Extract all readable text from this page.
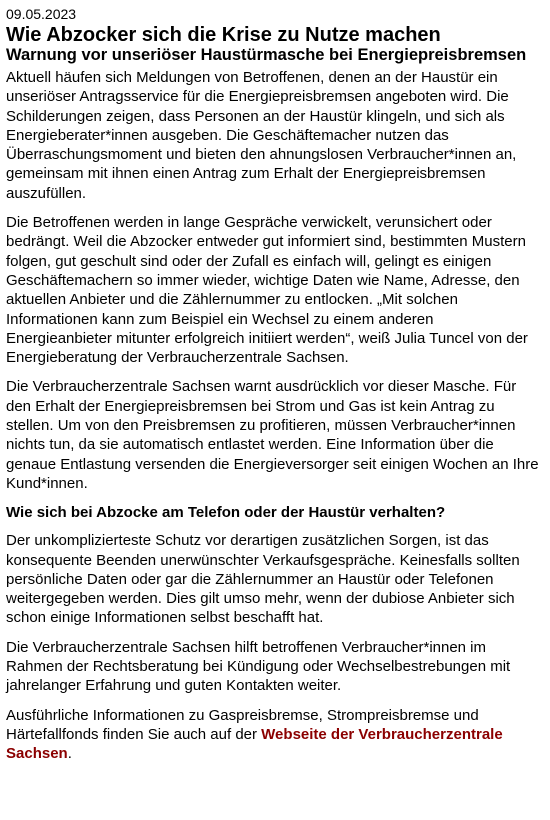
09.05.2023
Wie Abzocker sich die Krise zu Nutze machen
Warnung vor unseriöser Haustürmasche bei Energiepreisbremsen

Aktuell häufen sich Meldungen von Betroffenen, denen an der Haustür ein unseriöser Antragsservice für die Energiepreisbremsen angeboten wird. Die Schilderungen zeigen, dass Personen an der Haustür klingeln, und sich als Energieberater*innen ausgeben. Die Geschäftemacher nutzen das Überraschungsmoment und bieten den ahnungslosen Verbraucher*innen an, gemeinsam mit ihnen einen Antrag zum Erhalt der Energiepreisbremsen auszufüllen.

Die Betroffenen werden in lange Gespräche verwickelt, verunsichert oder bedrängt. Weil die Abzocker entweder gut informiert sind, bestimmten Mustern folgen, gut geschult sind oder der Zufall es einfach will, gelingt es einigen Geschäftemachern so immer wieder, wichtige Daten wie Name, Adresse, den aktuellen Anbieter und die Zählernummer zu entlocken. „Mit solchen Informationen kann zum Beispiel ein Wechsel zu einem anderen Energieanbieter mitunter erfolgreich initiiert werden“, weiß Julia Tuncel von der Energieberatung der Verbraucherzentrale Sachsen.

Die Verbraucherzentrale Sachsen warnt ausdrücklich vor dieser Masche. Für den Erhalt der Energiepreisbremsen bei Strom und Gas ist kein Antrag zu stellen. Um von den Preisbremsen zu profitieren, müssen Verbraucher*innen nichts tun, da sie automatisch entlastet werden. Eine Information über die genaue Entlastung versenden die Energieversorger seit einigen Wochen an Ihre Kund*innen.

Wie sich bei Abzocke am Telefon oder der Haustür verhalten?

Der unkomplizierteste Schutz vor derartigen zusätzlichen Sorgen, ist das konsequente Beenden unerwünschter Verkaufsgespräche. Keinesfalls sollten persönliche Daten oder gar die Zählernummer an Haustür oder Telefonen weitergegeben werden. Dies gilt umso mehr, wenn der dubiose Anbieter sich schon einige Informationen selbst beschafft hat.

Die Verbraucherzentrale Sachsen hilft betroffenen Verbraucher*innen im Rahmen der Rechtsberatung bei Kündigung oder Wechselbestrebungen mit jahrelanger Erfahrung und guten Kontakten weiter.

Ausführliche Informationen zu Gaspreisbremse, Strompreisbremse und Härtefallfonds finden Sie auch auf der Webseite der Verbraucherzentrale Sachsen.
